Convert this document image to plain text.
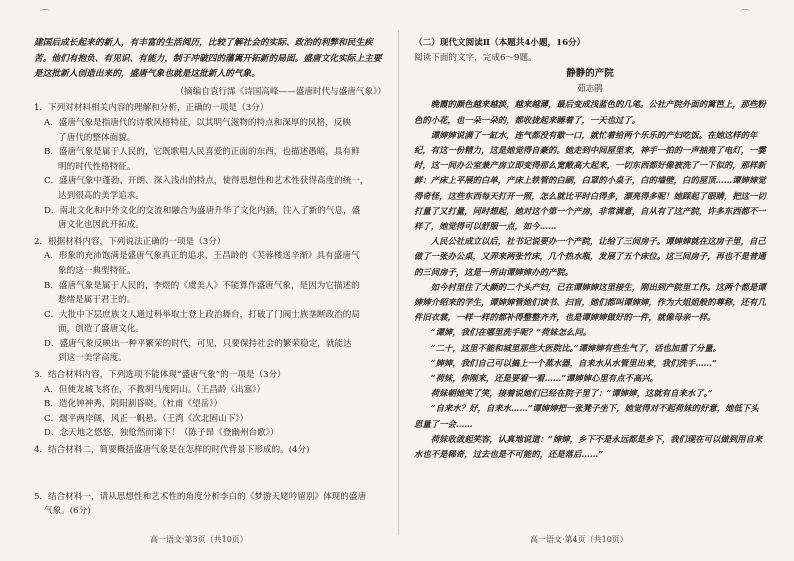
⌒	⌒

建国后成长起来的新人，有丰富的生活阅历，比较了解社会的实际、政治的利弊和民生疾苦。他们有抱负、有见识、有能力，制于冲破四的藩篱开拓新的局面。盛唐文化实际上主要是这批新人创造出来的，盛唐气象也就是这批新人的气象。

（摘编自袁行霈《诗国高峰——盛唐时代与盛唐气象》）

1．下列对材料相关内容的理解和分析，正确的一项是（3分）

A．盛唐气象是指唐代的诗歌风格特征，以其明气滋物的特点和深厚的风格，反映

了唐代的整体面貌。

B．盛唐气象是属于人民的，它既歌唱人民喜爱的正面的东西，也描述愚暗，具有鲜

明的时代性格特征。

C．盛唐气象中蓬勃、开朗、深入浅出的特点，使得思想性和艺术性获得高度的统一，

达到很高的美学追求。

D．南北文化和中外文化的交流和融合为盛唐升华了文化内涵，注入了新的气息，盛

唐文化也因此开拓成。

2．根据材料内容，下列说法正确的一项是（3分）

A．形象的充沛饱满是盛唐气象真正的追求，王昌龄的《芙蓉楼送辛渐》具有盛唐气

象的这一典型特征。

B．盛唐气象是属于人民的，李煜的《虞美人》不能算作盛唐气象，是因为它描述的

愁绪是属于君王的。

C．大批中下层庶族文人通过科举取士登上政治舞台，打破了门阀士族垄断政治的局

面，创造了盛唐文化。

D．盛唐气象反映出一种平繁荣的时代，可见，只要保持社会的繁荣稳定，就能达

到这一美学高度。

3．结合材料内容，下列选项不能体现“盛唐气象”的一项是（3分）

A．但使龙城飞将在，不教胡马度阴山。（王昌龄《出塞》）

B．造化钟神秀，阴阳割昏晓。（杜甫《望岳》）

C．烟平两岸阔，风正一帆悬。（王湾《次北固山下》）

D．念天地之悠悠，独怆然而涕下！（陈子昂《登幽州台歌》）

4．结合材料二，简要概括盛唐气象是在怎样的时代背景下形成的。(4分)

5．结合材料一，请从思想性和艺术性的角度分析李白的《梦游天姥吟留别》体现的盛唐

气象。(6分)

高一语文·第3页（共10页）

（二）现代文阅读Ⅱ（本题共4小题，16分）

阅读下面的文字，完成6～9题。

静静的产院

茹志鹃

晚霞的颜色越来越淡，越来越薄，最后变成浅蓝色的几笔。公社产院外面的篱笆上，那些粉色的小花，也一朵一朵的，都收拢起来睡着了，一天也过了。

谭婶婶说满了一缸水，连气都没有歇一口，就忙着给两个乐乐的产妇吃饭。在她这样的年纪，有这一份精力，这是她觉得自豪的。她走到中间屋里来，神手一拍的一声抽亮了电灯，一霎时，这一间办公室兼产房立即变得那么宽敞高大起来，一切东西都好像被洗了一下似的，那样新鲜：产床上平展的白单，产床上铁管的白刷，白罩的小桌子，白的墙壁，白的屋顶……谭婶婶觉得奇怪，这些东西每天打开一照，怎么就比平时白得多，漂亮得多呢！她踩起了眼睛，把这一切打量了又打量，同时想起，她对这个第一个产房，非常满意，自从有了这产院，许多东西都不一样了，她觉得可以舒服一点，如今……

人民公社成立以后，社书记说要办一个产院，让给了三间房子。谭婶婶就在这房子里，自己做了一张办公桌，又弄来两张竹床，几个热水瓶，发展了五个床位。这三间房子，再也不是普通的三间房子，这是一所由谭婶婶办的产院。

如今村里住了大颜的二个头产妇，已在谭婶婶这里接生，刚出到产院里工作。这两个都是谭婶婶介绍来的学生，谭婶婶管她们读书、扫盲，她们都叫谭婶婶，作为大姐姐般的尊称，还有几件旧衣裳，一样一样的都补得整整齐齐，也是谭婶婶做好的一件，就像母亲一样。

“谭婶，我们在哪里洗手呢？”荷妹怎么问。

“二十，这里不能和城里那些大医院比。”谭婶婶有些生气了，话也加重了分量。

“婶婶，我们自己可以搞上一个蒸水器，自来水从水管里出来，我们洗手……”

“荷妹，你刚来，还是要看一看……”谭婶婶心里有点不高兴。

荷妹朝她笑了笑，接着说她们已经在院子里了：“谭婶婶，这就有自来水了。”

“自来水？好，自来水……”谭婶婶把一张凳子坐下，她觉得对不起荷妹的好意，她低下头思量了一会……

荷妹收敛起笑容，认真地说道：“婶婶，乡下不是永远都是乡下，我们现在可以做到用自来水也不是稀奇，过去也是不可能的，还是落后……”

高一语文·第4页（共10页）
